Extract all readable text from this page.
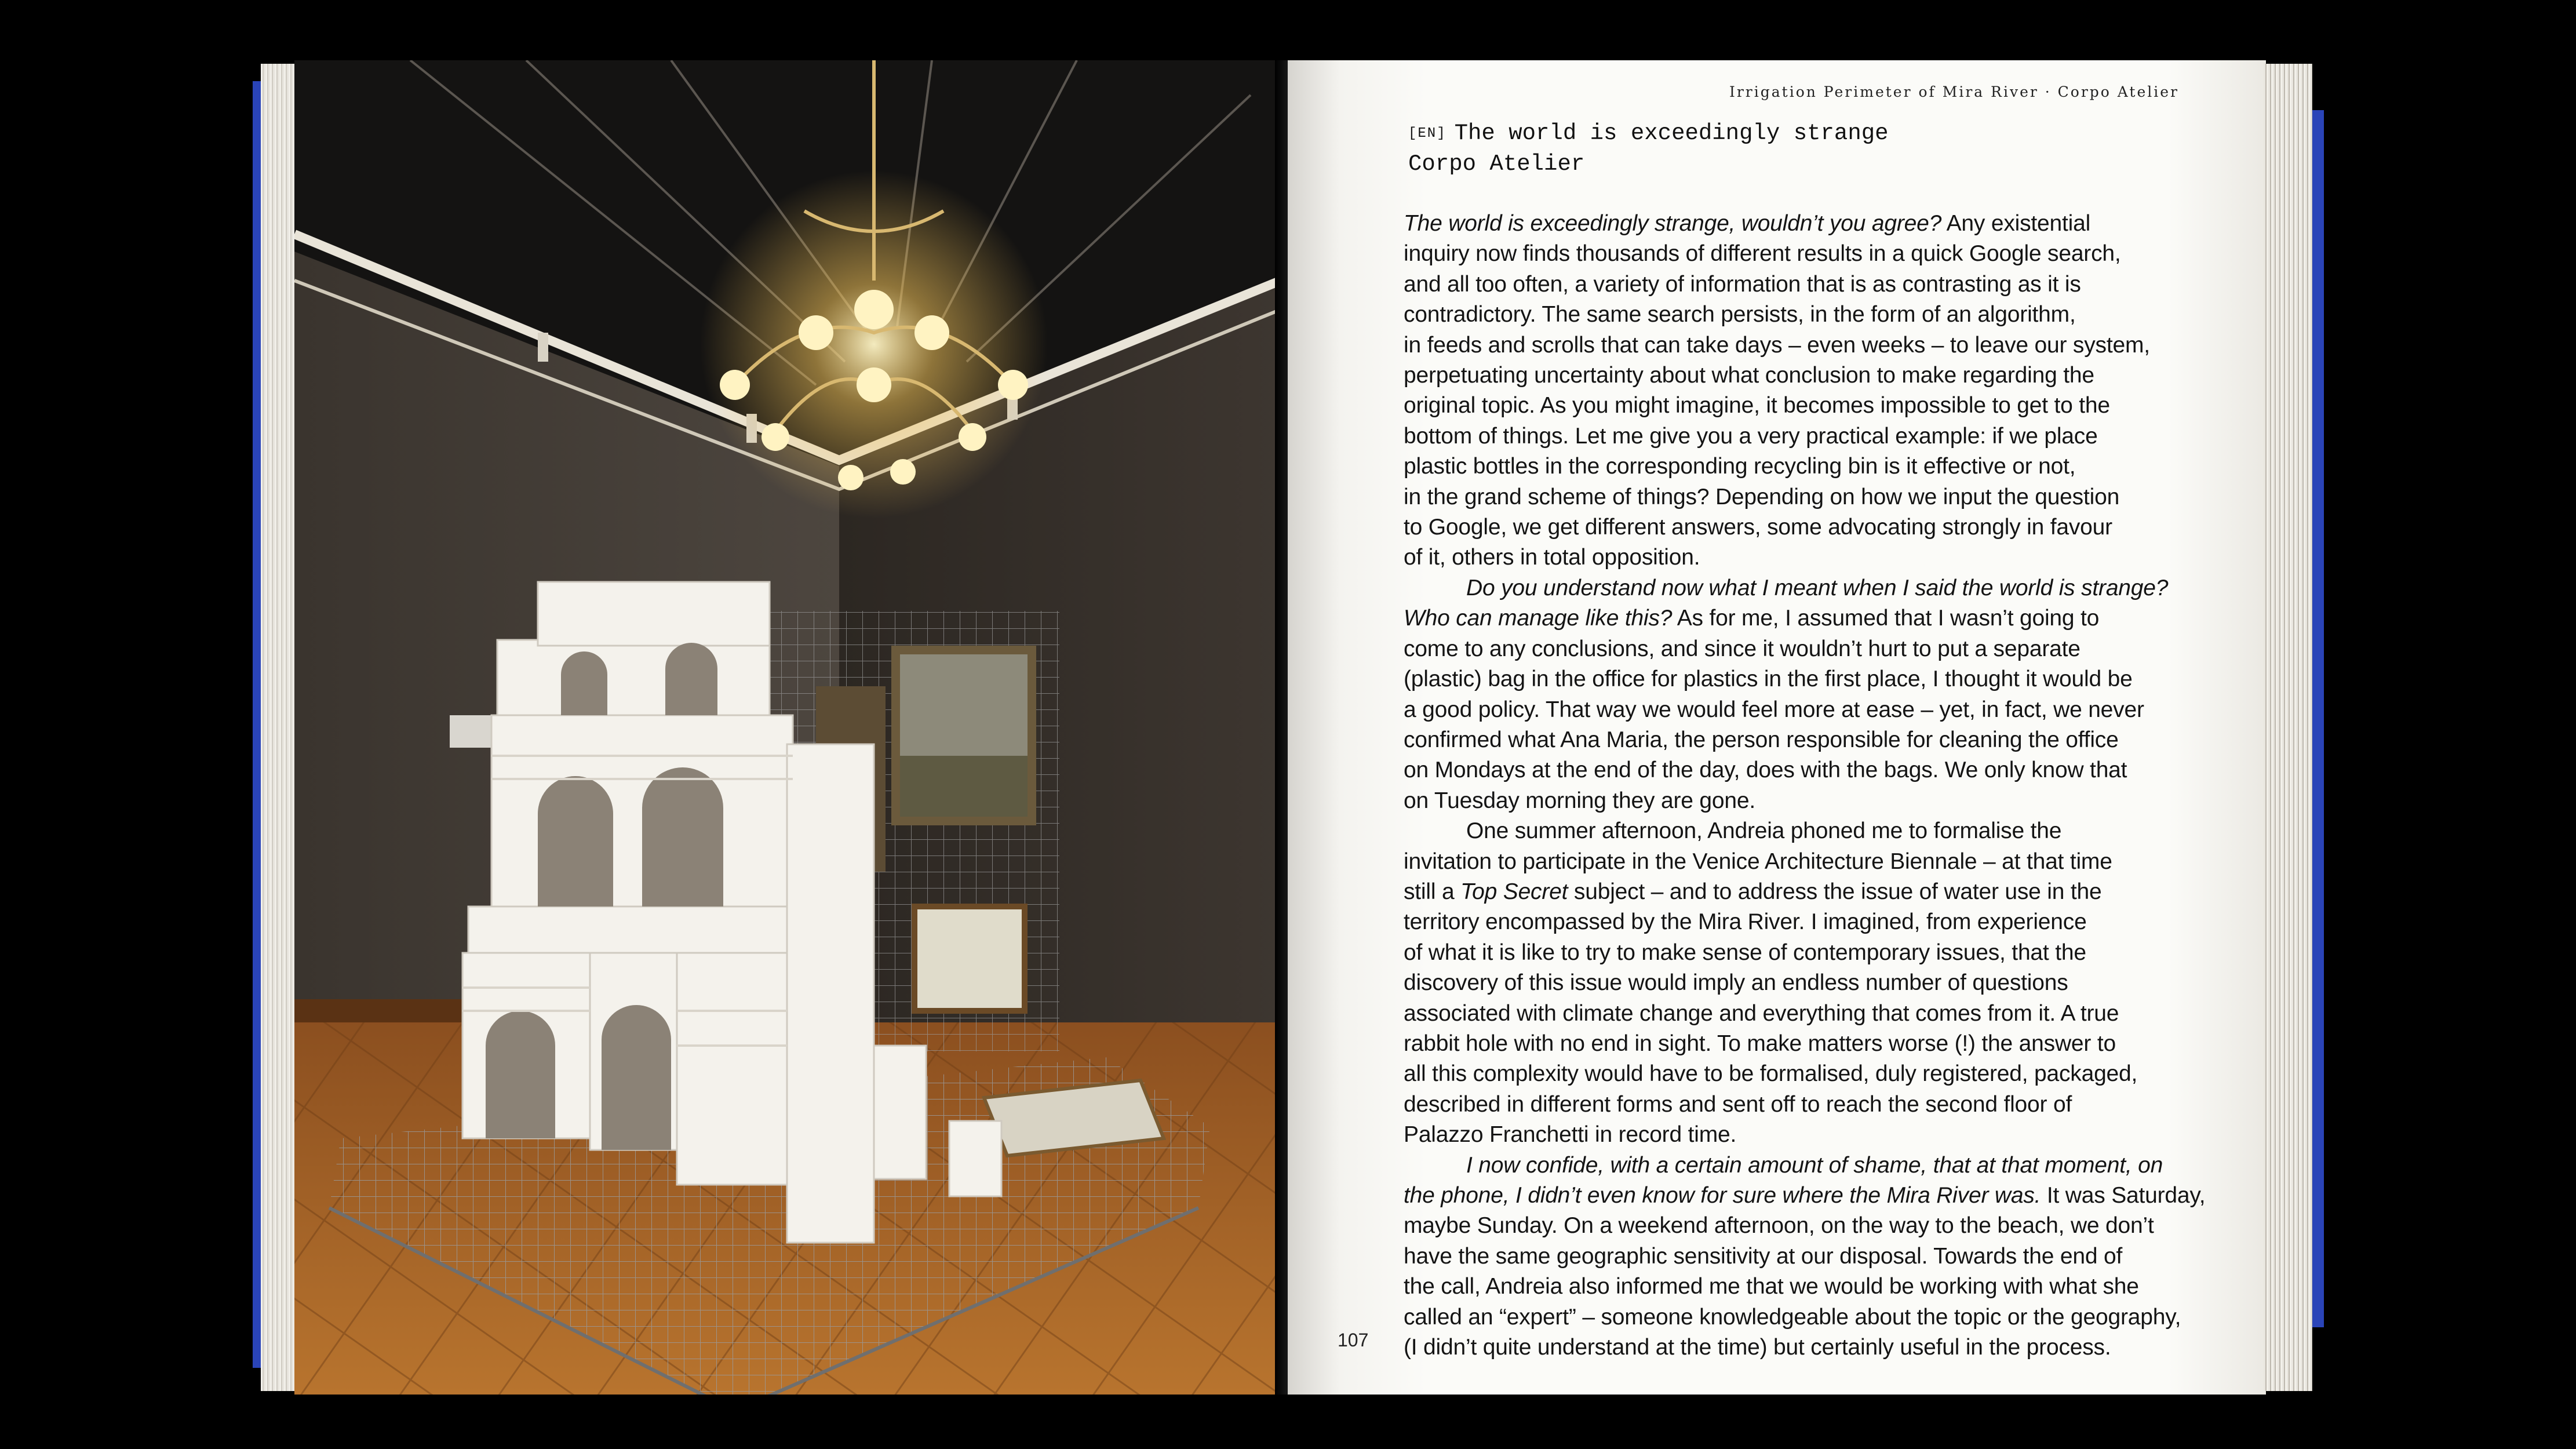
Irrigation Perimeter of Mira River · Corpo Atelier
[EN] The world is exceedingly strange
Corpo Atelier
The world is exceedingly strange, wouldn’t you agree? Any existential
inquiry now finds thousands of different results in a quick Google search,
and all too often, a variety of information that is as contrasting as it is
contradictory. The same search persists, in the form of an algorithm,
in feeds and scrolls that can take days – even weeks – to leave our system,
perpetuating uncertainty about what conclusion to make regarding the
original topic. As you might imagine, it becomes impossible to get to the
bottom of things. Let me give you a very practical example: if we place
plastic bottles in the corresponding recycling bin is it effective or not,
in the grand scheme of things? Depending on how we input the question
to Google, we get different answers, some advocating strongly in favour
of it, others in total opposition.
Do you understand now what I meant when I said the world is strange?
Who can manage like this? As for me, I assumed that I wasn’t going to
come to any conclusions, and since it wouldn’t hurt to put a separate
(plastic) bag in the office for plastics in the first place, I thought it would be
a good policy. That way we would feel more at ease – yet, in fact, we never
confirmed what Ana Maria, the person responsible for cleaning the office
on Mondays at the end of the day, does with the bags. We only know that
on Tuesday morning they are gone.
One summer afternoon, Andreia phoned me to formalise the
invitation to participate in the Venice Architecture Biennale – at that time
still a Top Secret subject – and to address the issue of water use in the
territory encompassed by the Mira River. I imagined, from experience
of what it is like to try to make sense of contemporary issues, that the
discovery of this issue would imply an endless number of questions
associated with climate change and everything that comes from it. A true
rabbit hole with no end in sight. To make matters worse (!) the answer to
all this complexity would have to be formalised, duly registered, packaged,
described in different forms and sent off to reach the second floor of
Palazzo Franchetti in record time.
I now confide, with a certain amount of shame, that at that moment, on
the phone, I didn’t even know for sure where the Mira River was. It was Saturday,
maybe Sunday. On a weekend afternoon, on the way to the beach, we don’t
have the same geographic sensitivity at our disposal. Towards the end of
the call, Andreia also informed me that we would be working with what she
called an “expert” – someone knowledgeable about the topic or the geography,
(I didn’t quite understand at the time) but certainly useful in the process.
107
